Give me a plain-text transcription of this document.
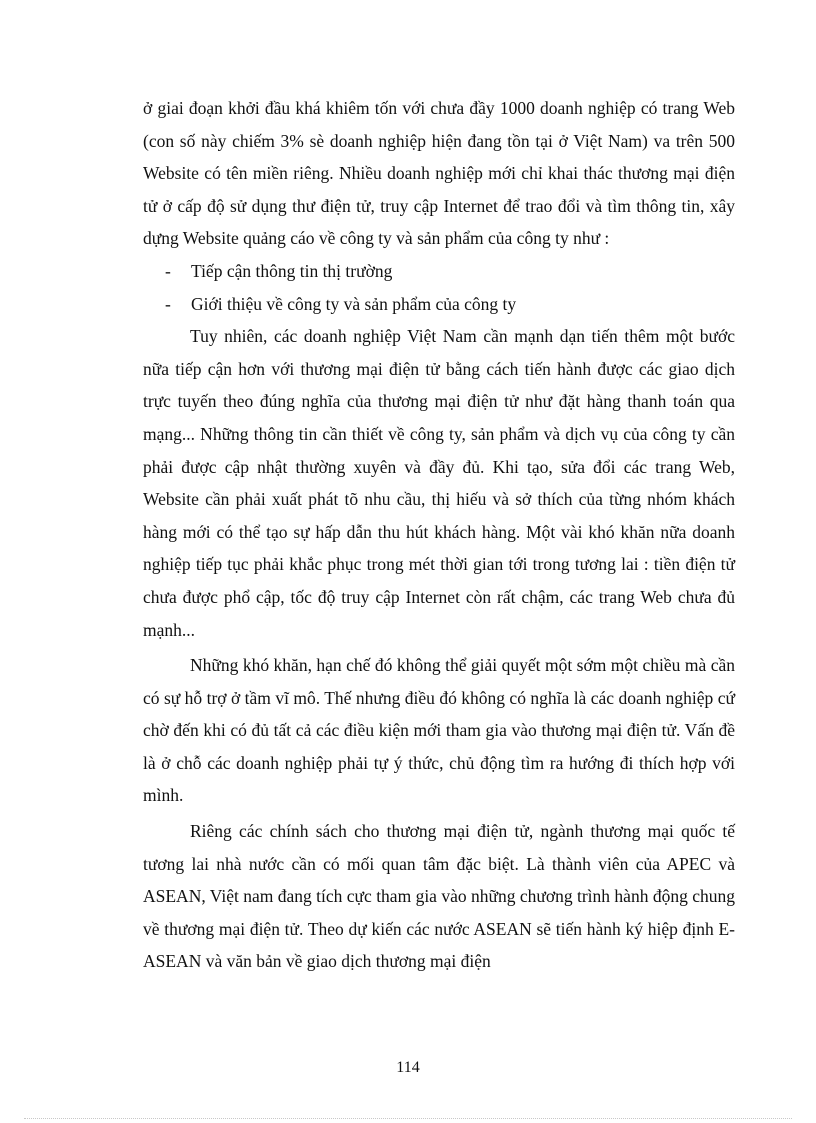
ở giai đoạn khởi đầu khá khiêm tốn với chưa đầy 1000 doanh nghiệp có trang Web (con số này chiếm 3% sè doanh nghiệp hiện đang tồn tại ở Việt Nam) va trên 500 Website có tên miền riêng. Nhiều doanh nghiệp mới chỉ khai thác thương mại điện tử ở cấp độ sử dụng thư điện tử, truy cập Internet để trao đổi và tìm thông tin, xây dựng Website quảng cáo về công ty và sản phẩm của công ty như :

- Tiếp cận thông tin thị trường
- Giới thiệu về công ty và sản phẩm của công ty

Tuy nhiên, các doanh nghiệp Việt Nam cần mạnh dạn tiến thêm một bước nữa tiếp cận hơn với thương mại điện tử bằng cách tiến hành được các giao dịch trực tuyến theo đúng nghĩa của thương mại điện tử như đặt hàng thanh toán qua mạng... Những thông tin cần thiết về công ty, sản phẩm và dịch vụ của công ty cần phải được cập nhật thường xuyên và đầy đủ. Khi tạo, sửa đổi các trang Web, Website cần phải xuất phát tõ nhu cầu, thị hiếu và sở thích của từng nhóm khách hàng mới có thể tạo sự hấp dẫn thu hút khách hàng. Một vài khó khăn nữa doanh nghiệp tiếp tục phải khắc phục trong mét thời gian tới trong tương lai : tiền điện tử chưa được phổ cập, tốc độ truy cập Internet còn rất chậm, các trang Web chưa đủ mạnh...

Những khó khăn, hạn chế đó không thể giải quyết một sớm một chiều mà cần có sự hỗ trợ ở tầm vĩ mô. Thế nhưng điều đó không có nghĩa là các doanh nghiệp cứ chờ đến khi có đủ tất cả các điều kiện mới tham gia vào thương mại điện tử. Vấn đề là ở chỗ các doanh nghiệp phải tự ý thức, chủ động tìm ra hướng đi thích hợp với mình.

Riêng các chính sách cho thương mại điện tử, ngành thương mại quốc tế tương lai nhà nước cần có mối quan tâm đặc biệt. Là thành viên của APEC và ASEAN, Việt nam đang tích cực tham gia vào những chương trình hành động chung về thương mại điện tử. Theo dự kiến các nước ASEAN sẽ tiến hành ký hiệp định E- ASEAN và văn bản về giao dịch thương mại điện

114
